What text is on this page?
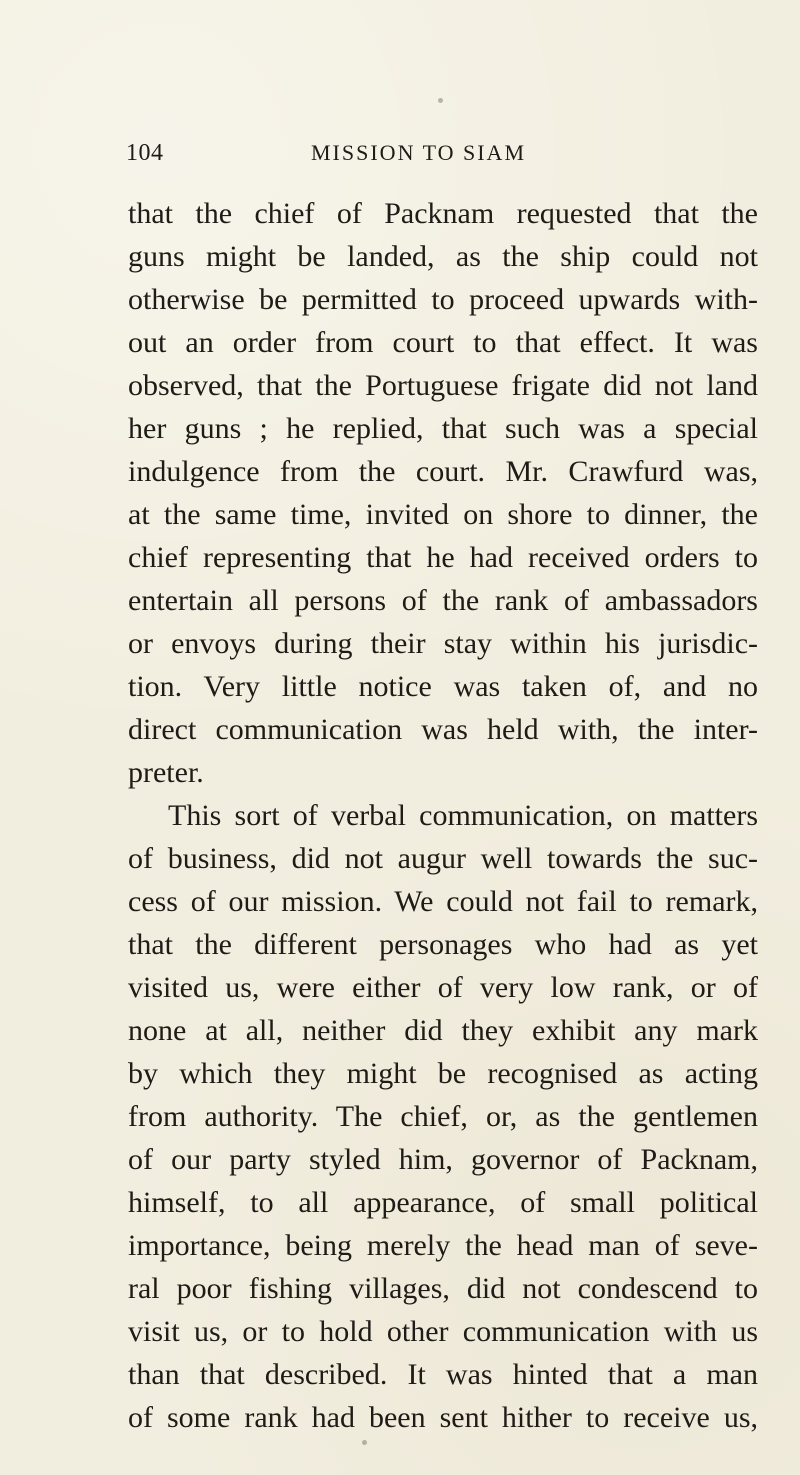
104	MISSION TO SIAM
that the chief of Packnam requested that the
guns might be landed, as the ship could not
otherwise be permitted to proceed upwards with-
out an order from court to that effect. It was
observed, that the Portuguese frigate did not land
her guns ; he replied, that such was a special
indulgence from the court. Mr. Crawfurd was,
at the same time, invited on shore to dinner, the
chief representing that he had received orders to
entertain all persons of the rank of ambassadors
or envoys during their stay within his jurisdic-
tion. Very little notice was taken of, and no
direct communication was held with, the inter-
preter.
This sort of verbal communication, on matters
of business, did not augur well towards the suc-
cess of our mission. We could not fail to remark,
that the different personages who had as yet
visited us, were either of very low rank, or of
none at all, neither did they exhibit any mark
by which they might be recognised as acting
from authority. The chief, or, as the gentlemen
of our party styled him, governor of Packnam,
himself, to all appearance, of small political
importance, being merely the head man of seve-
ral poor fishing villages, did not condescend to
visit us, or to hold other communication with us
than that described. It was hinted that a man
of some rank had been sent hither to receive us,
